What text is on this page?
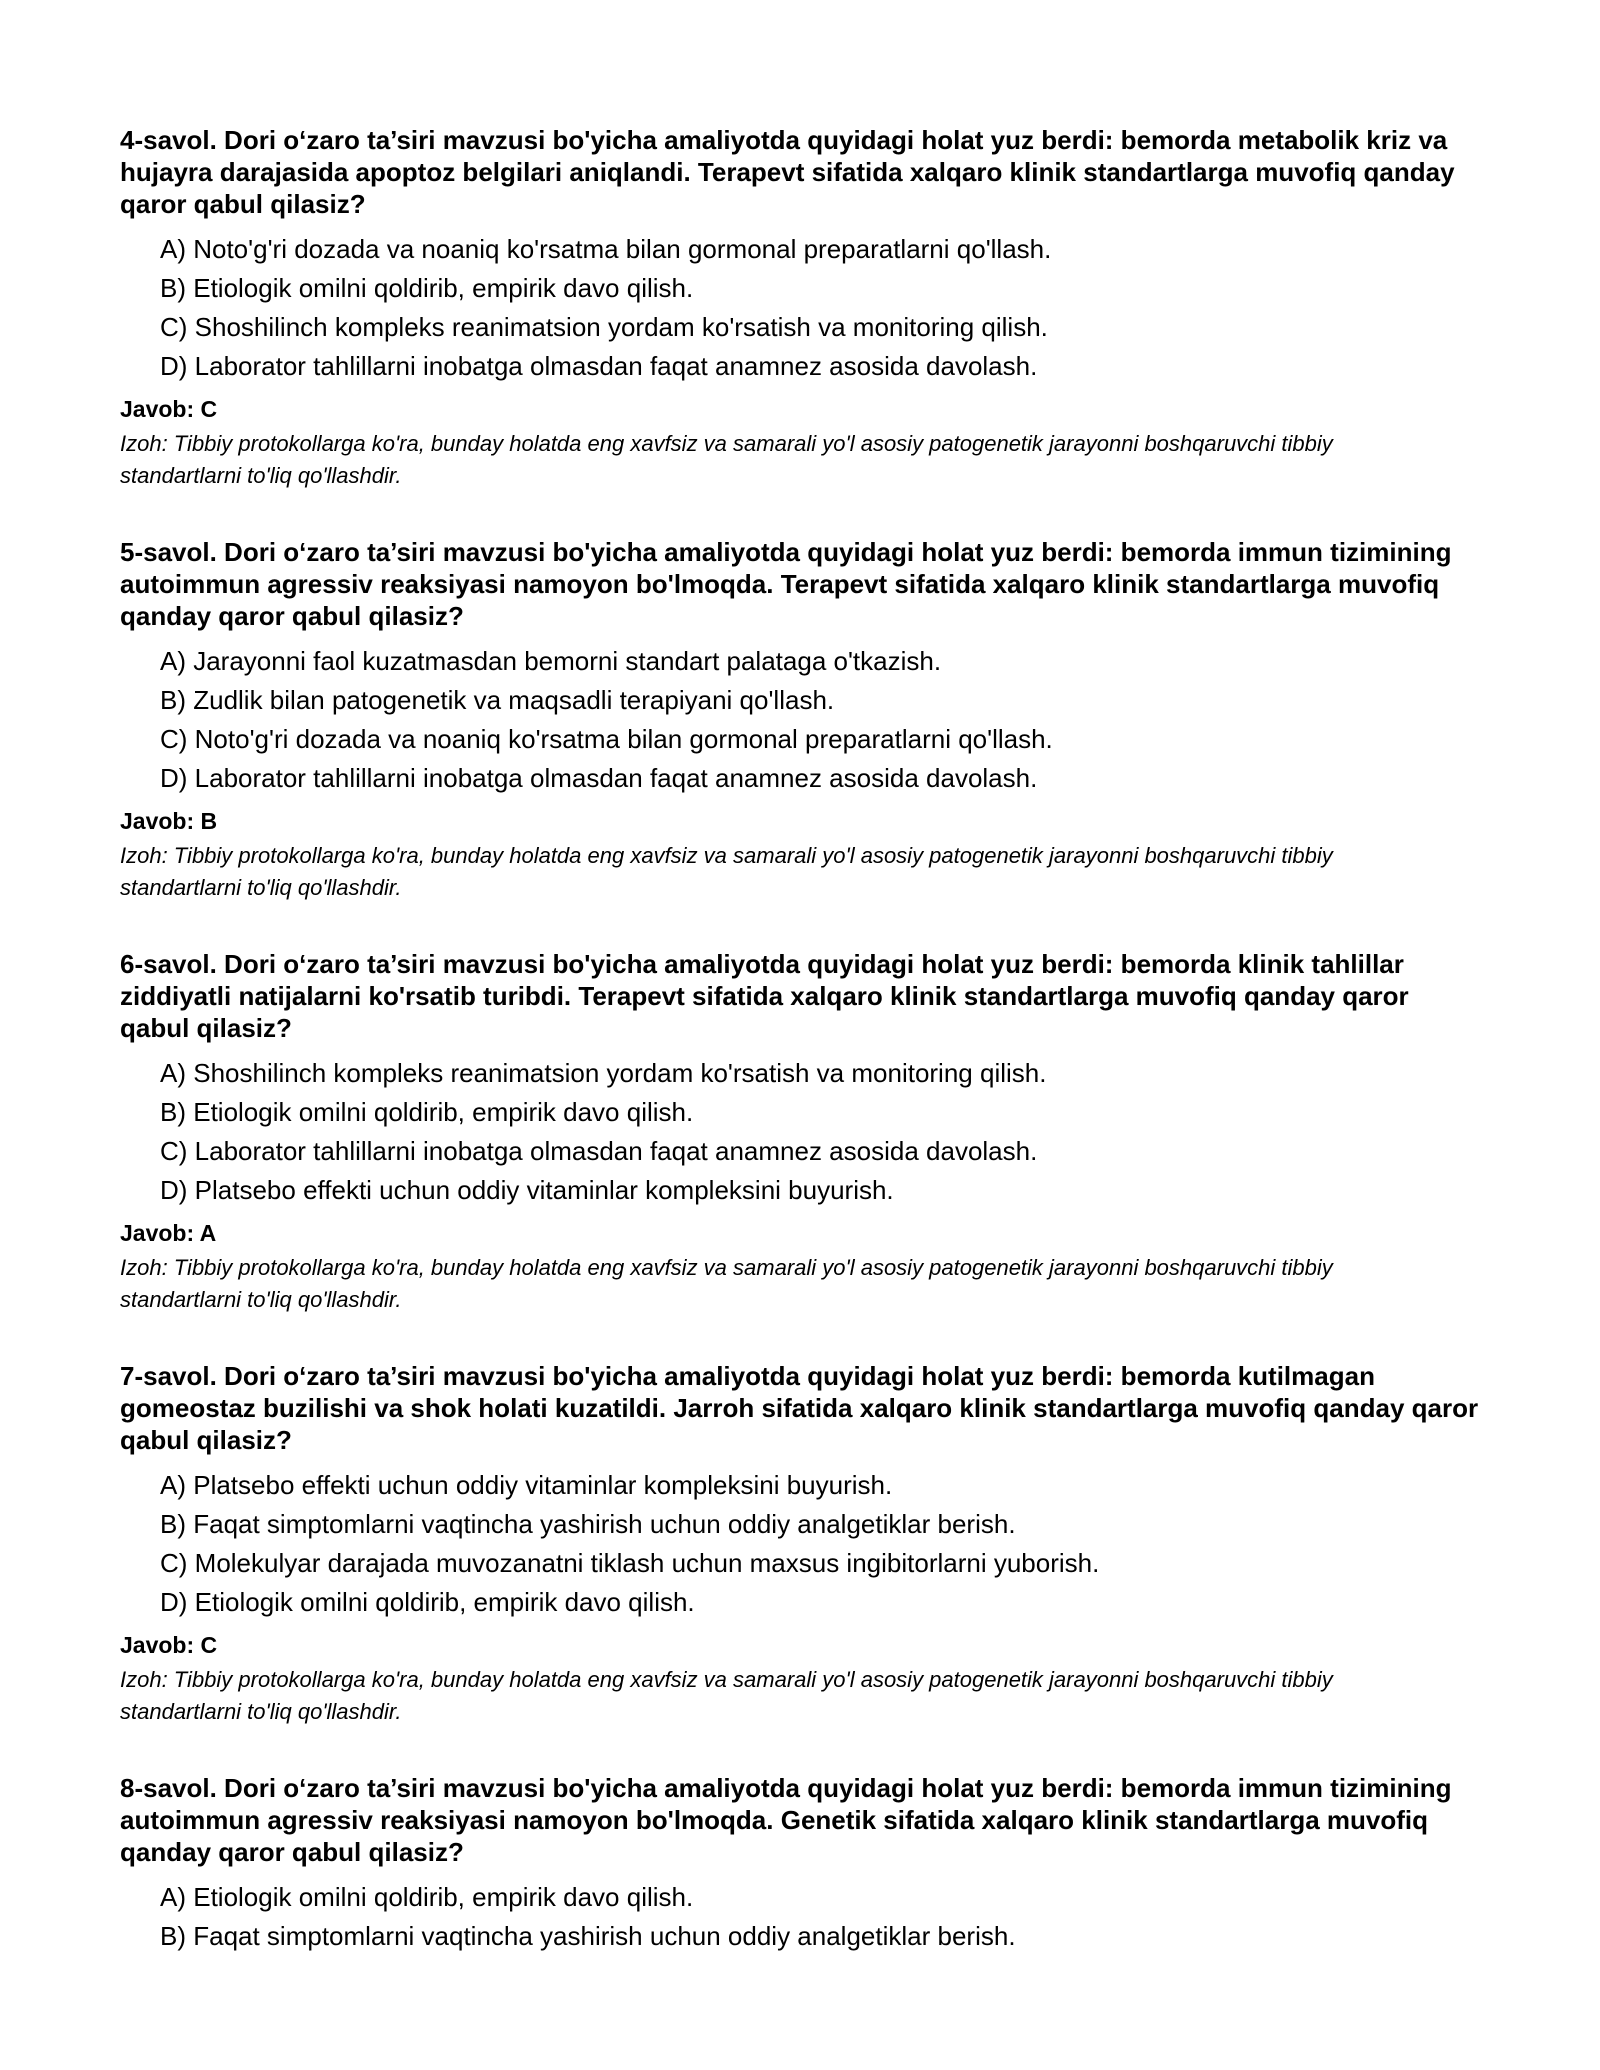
4-savol. Dori o‘zaro ta’siri mavzusi bo'yicha amaliyotda quyidagi holat yuz berdi: bemorda metabolik kriz va hujayra darajasida apoptoz belgilari aniqlandi. Terapevt sifatida xalqaro klinik standartlarga muvofiq qanday qaror qabul qilasiz?

A) Noto'g'ri dozada va noaniq ko'rsatma bilan gormonal preparatlarni qo'llash.
B) Etiologik omilni qoldirib, empirik davo qilish.
C) Shoshilinch kompleks reanimatsion yordam ko'rsatish va monitoring qilish.
D) Laborator tahlillarni inobatga olmasdan faqat anamnez asosida davolash.

Javob: C

Izoh: Tibbiy protokollarga ko'ra, bunday holatda eng xavfsiz va samarali yo'l asosiy patogenetik jarayonni boshqaruvchi tibbiy standartlarni to'liq qo'llashdir.

5-savol. Dori o‘zaro ta’siri mavzusi bo'yicha amaliyotda quyidagi holat yuz berdi: bemorda immun tizimining autoimmun agressiv reaksiyasi namoyon bo'lmoqda. Terapevt sifatida xalqaro klinik standartlarga muvofiq qanday qaror qabul qilasiz?

A) Jarayonni faol kuzatmasdan bemorni standart palataga o'tkazish.
B) Zudlik bilan patogenetik va maqsadli terapiyani qo'llash.
C) Noto'g'ri dozada va noaniq ko'rsatma bilan gormonal preparatlarni qo'llash.
D) Laborator tahlillarni inobatga olmasdan faqat anamnez asosida davolash.

Javob: B

Izoh: Tibbiy protokollarga ko'ra, bunday holatda eng xavfsiz va samarali yo'l asosiy patogenetik jarayonni boshqaruvchi tibbiy standartlarni to'liq qo'llashdir.

6-savol. Dori o‘zaro ta’siri mavzusi bo'yicha amaliyotda quyidagi holat yuz berdi: bemorda klinik tahlillar ziddiyatli natijalarni ko'rsatib turibdi. Terapevt sifatida xalqaro klinik standartlarga muvofiq qanday qaror qabul qilasiz?

A) Shoshilinch kompleks reanimatsion yordam ko'rsatish va monitoring qilish.
B) Etiologik omilni qoldirib, empirik davo qilish.
C) Laborator tahlillarni inobatga olmasdan faqat anamnez asosida davolash.
D) Platsebo effekti uchun oddiy vitaminlar kompleksini buyurish.

Javob: A

Izoh: Tibbiy protokollarga ko'ra, bunday holatda eng xavfsiz va samarali yo'l asosiy patogenetik jarayonni boshqaruvchi tibbiy standartlarni to'liq qo'llashdir.

7-savol. Dori o‘zaro ta’siri mavzusi bo'yicha amaliyotda quyidagi holat yuz berdi: bemorda kutilmagan gomeostaz buzilishi va shok holati kuzatildi. Jarroh sifatida xalqaro klinik standartlarga muvofiq qanday qaror qabul qilasiz?

A) Platsebo effekti uchun oddiy vitaminlar kompleksini buyurish.
B) Faqat simptomlarni vaqtincha yashirish uchun oddiy analgetiklar berish.
C) Molekulyar darajada muvozanatni tiklash uchun maxsus ingibitorlarni yuborish.
D) Etiologik omilni qoldirib, empirik davo qilish.

Javob: C

Izoh: Tibbiy protokollarga ko'ra, bunday holatda eng xavfsiz va samarali yo'l asosiy patogenetik jarayonni boshqaruvchi tibbiy standartlarni to'liq qo'llashdir.

8-savol. Dori o‘zaro ta’siri mavzusi bo'yicha amaliyotda quyidagi holat yuz berdi: bemorda immun tizimining autoimmun agressiv reaksiyasi namoyon bo'lmoqda. Genetik sifatida xalqaro klinik standartlarga muvofiq qanday qaror qabul qilasiz?

A) Etiologik omilni qoldirib, empirik davo qilish.
B) Faqat simptomlarni vaqtincha yashirish uchun oddiy analgetiklar berish.
